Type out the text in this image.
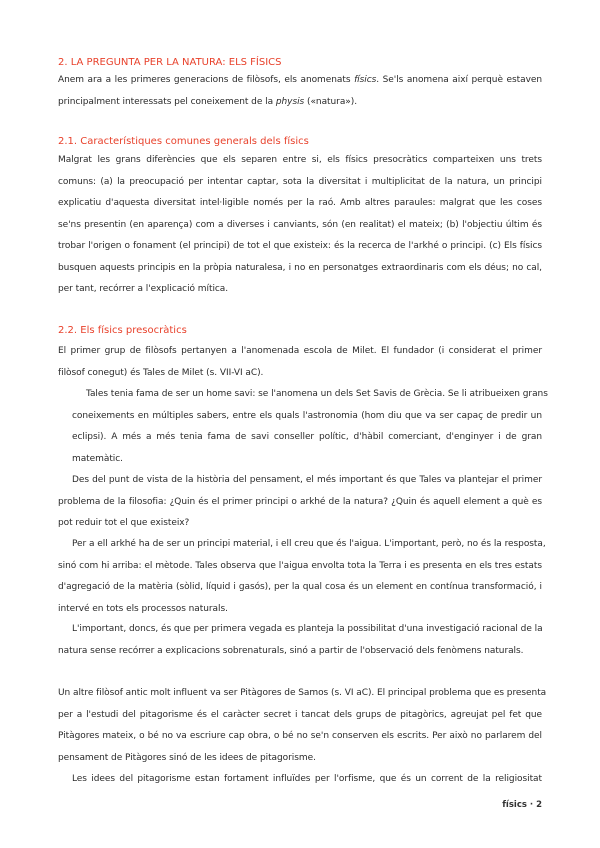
2. LA PREGUNTA PER LA NATURA: ELS FÍSICS
Anem ara a les primeres generacions de filòsofs, els anomenats físics. Se'ls anomena així perquè estaven
principalment interessats pel coneixement de la physis («natura»).
2.1. Característiques comunes generals dels físics
Malgrat les grans diferències que els separen entre si, els físics presocràtics comparteixen uns trets
comuns: (a) la preocupació per intentar captar, sota la diversitat i multiplicitat de la natura, un principi
explicatiu d'aquesta diversitat intel·ligible només per la raó. Amb altres paraules: malgrat que les coses
se'ns presentin (en aparença) com a diverses i canviants, són (en realitat) el mateix; (b) l'objectiu últim és
trobar l'origen o fonament (el principi) de tot el que existeix: és la recerca de l'arkhé o principi. (c) Els físics
busquen aquests principis en la pròpia naturalesa, i no en personatges extraordinaris com els déus; no cal,
per tant, recórrer a l'explicació mítica.
2.2. Els físics presocràtics
El primer grup de filòsofs pertanyen a l'anomenada escola de Milet. El fundador (i considerat el primer
filòsof conegut) és Tales de Milet (s. VII-VI aC).
Tales tenia fama de ser un home savi: se l'anomena un dels Set Savis de Grècia. Se li atribueixen grans
coneixements en múltiples sabers, entre els quals l'astronomia (hom diu que va ser capaç de predir un
eclipsi). A més a més tenia fama de savi conseller polític, d'hàbil comerciant, d'enginyer i de gran
matemàtic.
Des del punt de vista de la història del pensament, el més important és que Tales va plantejar el primer
problema de la filosofia: ¿Quin és el primer principi o arkhé de la natura? ¿Quin és aquell element a què es
pot reduir tot el que existeix?
Per a ell arkhé ha de ser un principi material, i ell creu que és l'aigua. L'important, però, no és la resposta,
sinó com hi arriba: el mètode. Tales observa que l'aigua envolta tota la Terra i es presenta en els tres estats
d'agregació de la matèria (sòlid, líquid i gasós), per la qual cosa és un element en contínua transformació, i
intervé en tots els processos naturals.
L'important, doncs, és que per primera vegada es planteja la possibilitat d'una investigació racional de la
natura sense recórrer a explicacions sobrenaturals, sinó a partir de l'observació dels fenòmens naturals.
Un altre filòsof antic molt influent va ser Pitàgores de Samos (s. VI aC). El principal problema que es presenta
per a l'estudi del pitagorisme és el caràcter secret i tancat dels grups de pitagòrics, agreujat pel fet que
Pitàgores mateix, o bé no va escriure cap obra, o bé no se'n conserven els escrits. Per això no parlarem del
pensament de Pitàgores sinó de les idees de pitagorisme.
Les idees del pitagorisme estan fortament influïdes per l'orfisme, que és un corrent de la religiositat
físics · 2
